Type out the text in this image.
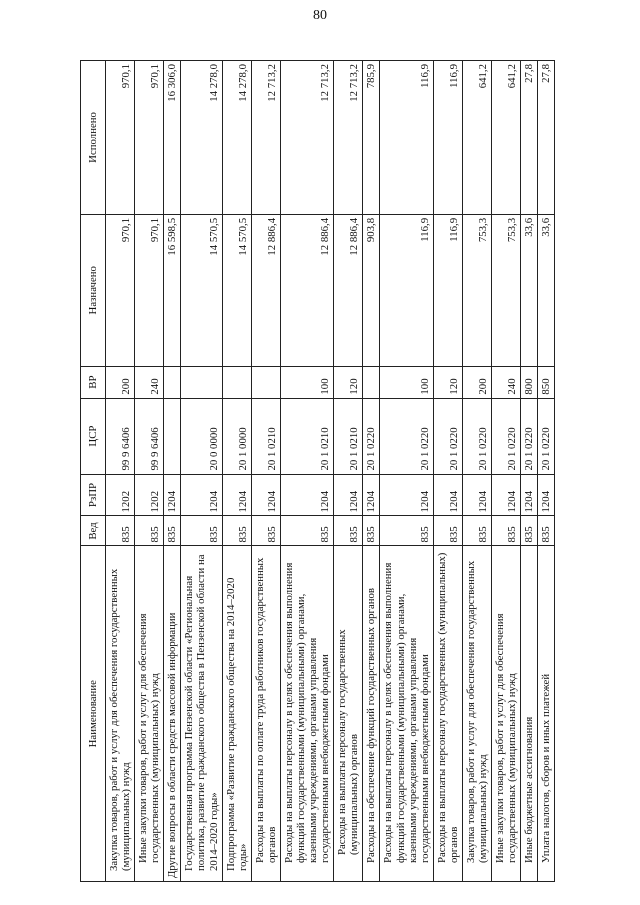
80
Наименование	Вед	РзПР	ЦСР	ВР	Назначено	Исполнено
Закупка товаров, работ и услуг для обеспечения государственных (муниципальных) нужд	835	1202	99 9 6406	200	970,1	970,1
Иные закупки товаров, работ и услуг для обеспечения государственных (муниципальных) нужд	835	1202	99 9 6406	240	970,1	970,1
Другие вопросы в области средств массовой информации	835	1204			16 598,5	16 306,0
Государственная программа Пензенской области «Региональная политика, развитие гражданского общества в Пензенской области на 2014–2020 годы»	835	1204	20 0 0000		14 570,5	14 278,0
Подпрограмма «Развитие гражданского общества на 2014–2020 годы»	835	1204	20 1 0000		14 570,5	14 278,0
Расходы на выплаты по оплате труда работников государственных органов	835	1204	20 1 0210		12 886,4	12 713,2
Расходы на выплаты персоналу в целях обеспечения выполнения функций государственными (муниципальными) органами, казенными учреждениями, органами управления государственными внебюджетными фондами	835	1204	20 1 0210	100	12 886,4	12 713,2
Расходы на выплаты персоналу государственных (муниципальных) органов	835	1204	20 1 0210	120	12 886,4	12 713,2
Расходы на обеспечение функций государственных органов	835	1204	20 1 0220		903,8	785,9
Расходы на выплаты персоналу в целях обеспечения выполнения функций государственными (муниципальными) органами, казенными учреждениями, органами управления государственными внебюджетными фондами	835	1204	20 1 0220	100	116,9	116,9
Расходы на выплаты персоналу государственных (муниципальных) органов	835	1204	20 1 0220	120	116,9	116,9
Закупка товаров, работ и услуг для обеспечения государственных (муниципальных) нужд	835	1204	20 1 0220	200	753,3	641,2
Иные закупки товаров, работ и услуг для обеспечения государственных (муниципальных) нужд	835	1204	20 1 0220	240	753,3	641,2
Иные бюджетные ассигнования	835	1204	20 1 0220	800	33,6	27,8
Уплата налогов, сборов и иных платежей	835	1204	20 1 0220	850	33,6	27,8
